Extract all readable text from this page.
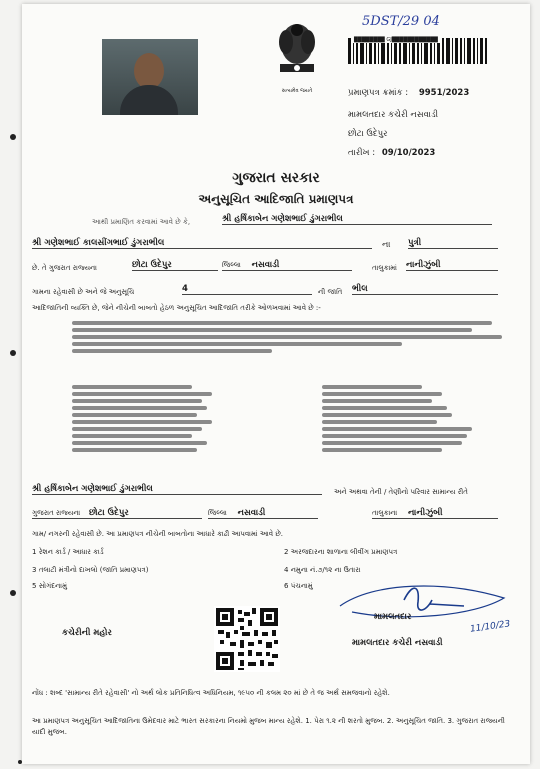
સત્યમેવ જયતે
5DST/29 04
████████ GJ████████████
પ્રમાણપત્ર ક્રમાંક : 9951/2023
મામલતદાર કચેરી નસવાડી
છોટા ઉદેપુર
તારીખ : 09/10/2023
ગુજરાત સરકાર
અનુસૂચિત આદિજાતિ પ્રમાણપત્ર
આથી પ્રમાણિત કરવામાં આવે છે કે,	શ્રી હર્ષિકાબેન ગણેશભાઈ ડુંગરાભીલ
શ્રી ગણેશભાઈ કાલસીંગભાઈ ડુંગરાભીલ	ના પુત્રી
છે. તે ગુજરાત રાજ્યના	છોટા ઉદેપુર	જિલ્લા નસવાડી	તાલુકામાં નાનીઝુંબી
ગામના રહેવાસી છે અને જે અનુસૂચિ	4	ની જાતિ ભીલ
આદિજાતિની વ્યક્તિ છે, જેને નીચેની બાબતો હેઠળ અનુસૂચિત આદિજાતિ તરીકે ઓળખવામાં આવે છે :-
શ્રી હર્ષિકાબેન ગણેશભાઈ ડુંગરાભીલ	અને અથવા તેની / તેણીનો પરિવાર સામાન્ય રીતે
ગુજરાત રાજ્યના છોટા ઉદેપુર	જિલ્લા નસવાડી	તાલુકાના નાનીઝુંબી
ગામ/ નગરની રહેવાસી છે. આ પ્રમાણપત્ર નીચેની બાબતોના આધારે કાઢી આપવામાં આવે છે.
1 રેશન કાર્ડ / આધાર કાર્ડ	2 અરજદારના શાળાના લીવીંગ પ્રમાણપત્ર
3 તલાટી મંત્રીનો દાખલો (જાતિ પ્રમાણપત્ર)	4 નમુના નં.૭/૧૨ ના ઉતારા
5 સોગંદનામું	6 પંચનામું
કચેરીની મહોર
મામલતદાર
11/10/23
મામલતદાર કચેરી નસવાડી
નોંધ : શબ્દ 'સામાન્ય રીતે રહેવાસી' નો અર્થ લોક પ્રતિનિધિત્વ અધિનિયમ, ૧૯૫૦ ની કલમ ૨૦ માં છે તે જ અર્થ સમજવાનો રહેશે.
આ પ્રમાણપત્ર અનુસૂચિત આદિજાતિના ઉમેદવાર માટે ભારત સરકારના નિયમો મુજબ માન્ય રહેશે. 1. પેરા ૧.૨ ની શરતો મુજબ. 2. અનુસૂચિત જાતિ. 3. ગુજરાત રાજ્યની યાદી મુજબ.
